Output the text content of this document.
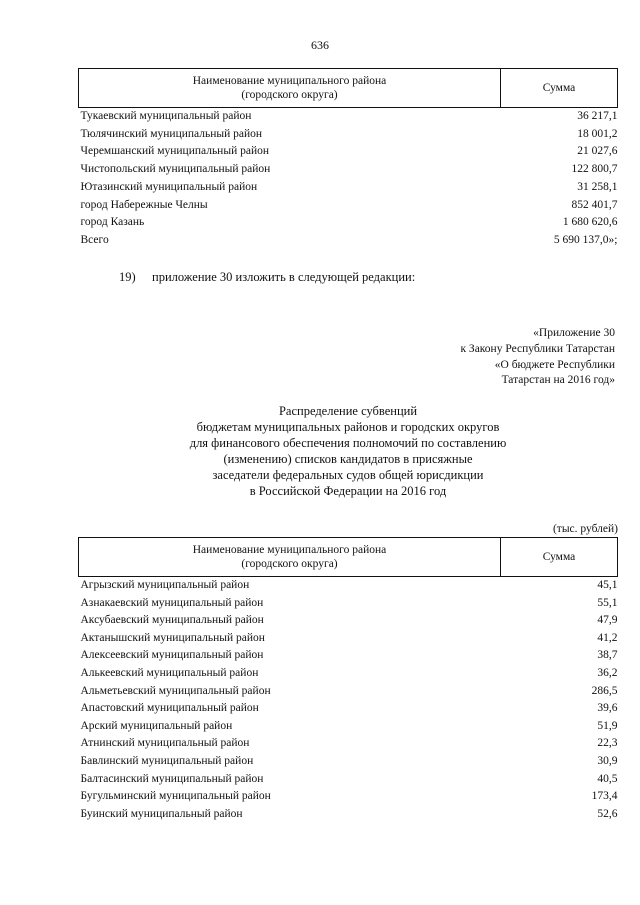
636
Наименование муниципального района
(городского округа)	Сумма
Тукаевский муниципальный район	36 217,1
Тюлячинский муниципальный район	18 001,2
Черемшанский муниципальный район	21 027,6
Чистопольский муниципальный район	122 800,7
Ютазинский муниципальный район	31 258,1
город Набережные Челны	852 401,7
город Казань	1 680 620,6
Всего	5 690 137,0»;
19) приложение 30 изложить в следующей редакции:
«Приложение 30
к Закону Республики Татарстан
«О бюджете Республики
Татарстан на 2016 год»
Распределение субвенций
бюджетам муниципальных районов и городских округов
для финансового обеспечения полномочий по составлению
(изменению) списков кандидатов в присяжные
заседатели федеральных судов общей юрисдикции
в Российской Федерации на 2016 год
(тыс. рублей)
Наименование муниципального района
(городского округа)	Сумма
Агрызский муниципальный район	45,1
Азнакаевский муниципальный район	55,1
Аксубаевский муниципальный район	47,9
Актанышский муниципальный район	41,2
Алексеевский муниципальный район	38,7
Алькеевский муниципальный район	36,2
Альметьевский муниципальный район	286,5
Апастовский муниципальный район	39,6
Арский муниципальный район	51,9
Атнинский муниципальный район	22,3
Бавлинский муниципальный район	30,9
Балтасинский муниципальный район	40,5
Бугульминский муниципальный район	173,4
Буинский муниципальный район	52,6
